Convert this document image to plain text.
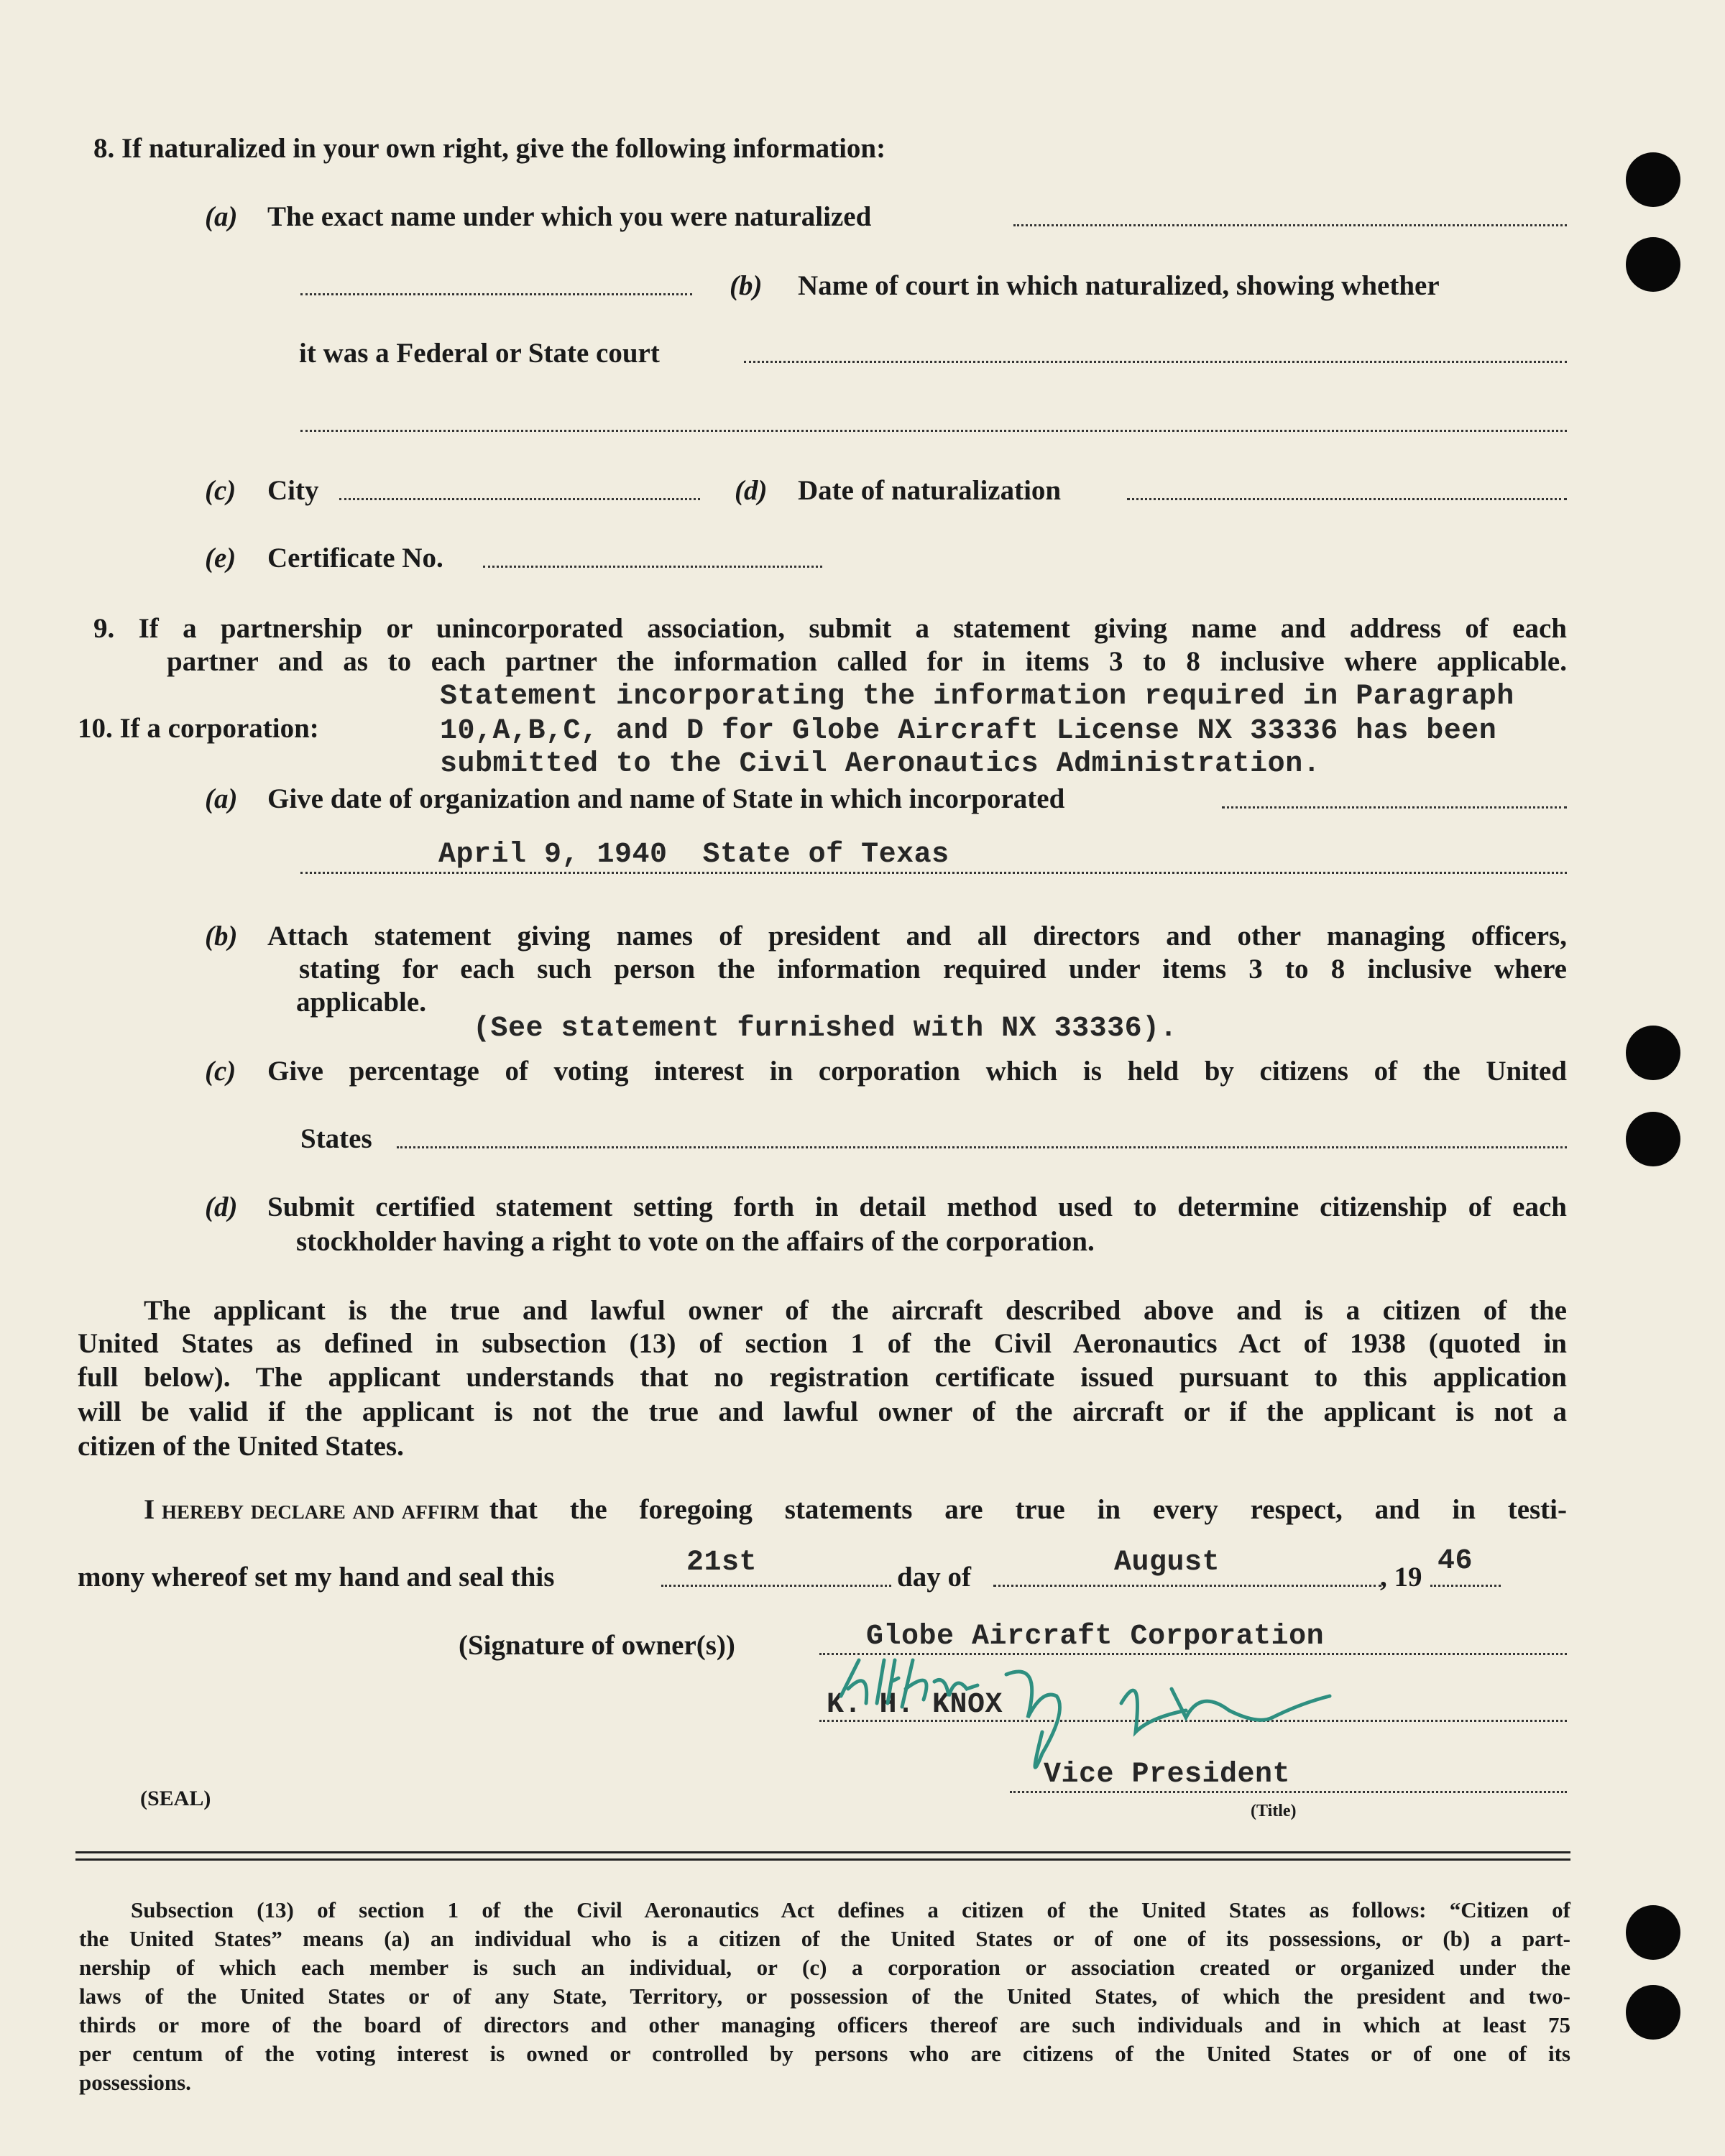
8. If naturalized in your own right, give the following information:
(a) The exact name under which you were naturalized
(b) Name of court in which naturalized, showing whether
it was a Federal or State court
(c) City	(d) Date of naturalization
(e) Certificate No.
9. If a partnership or unincorporated association, submit a statement giving name and address of each
partner and as to each partner the information called for in items 3 to 8 inclusive where applicable.
10. If a corporation:
Statement incorporating the information required in Paragraph
10,A,B,C, and D for Globe Aircraft License NX 33336 has been
submitted to the Civil Aeronautics Administration.
(a) Give date of organization and name of State in which incorporated
April 9, 1940  State of Texas
(b) Attach statement giving names of president and all directors and other managing officers,
stating for each such person the information required under items 3 to 8 inclusive where
applicable.
(See statement furnished with NX 33336).
(c) Give percentage of voting interest in corporation which is held by citizens of the United
States
(d) Submit certified statement setting forth in detail method used to determine citizenship of each
stockholder having a right to vote on the affairs of the corporation.
The applicant is the true and lawful owner of the aircraft described above and is a citizen of the
United States as defined in subsection (13) of section 1 of the Civil Aeronautics Act of 1938 (quoted in
full below). The applicant understands that no registration certificate issued pursuant to this application
will be valid if the applicant is not the true and lawful owner of the aircraft or if the applicant is not a
citizen of the United States.
I hereby declare and affirm that the foregoing statements are true in every respect, and in testi-
mony whereof set my hand and seal this	21st	day of	August	, 19 46
(Signature of owner(s))	Globe Aircraft Corporation
K. H. KNOX
Vice President
(Title)
(SEAL)
Subsection (13) of section 1 of the Civil Aeronautics Act defines a citizen of the United States as follows: “Citizen of
the United States” means (a) an individual who is a citizen of the United States or of one of its possessions, or (b) a part-
nership of which each member is such an individual, or (c) a corporation or association created or organized under the
laws of the United States or of any State, Territory, or possession of the United States, of which the president and two-
thirds or more of the board of directors and other managing officers thereof are such individuals and in which at least 75
per centum of the voting interest is owned or controlled by persons who are citizens of the United States or of one of its
possessions.
